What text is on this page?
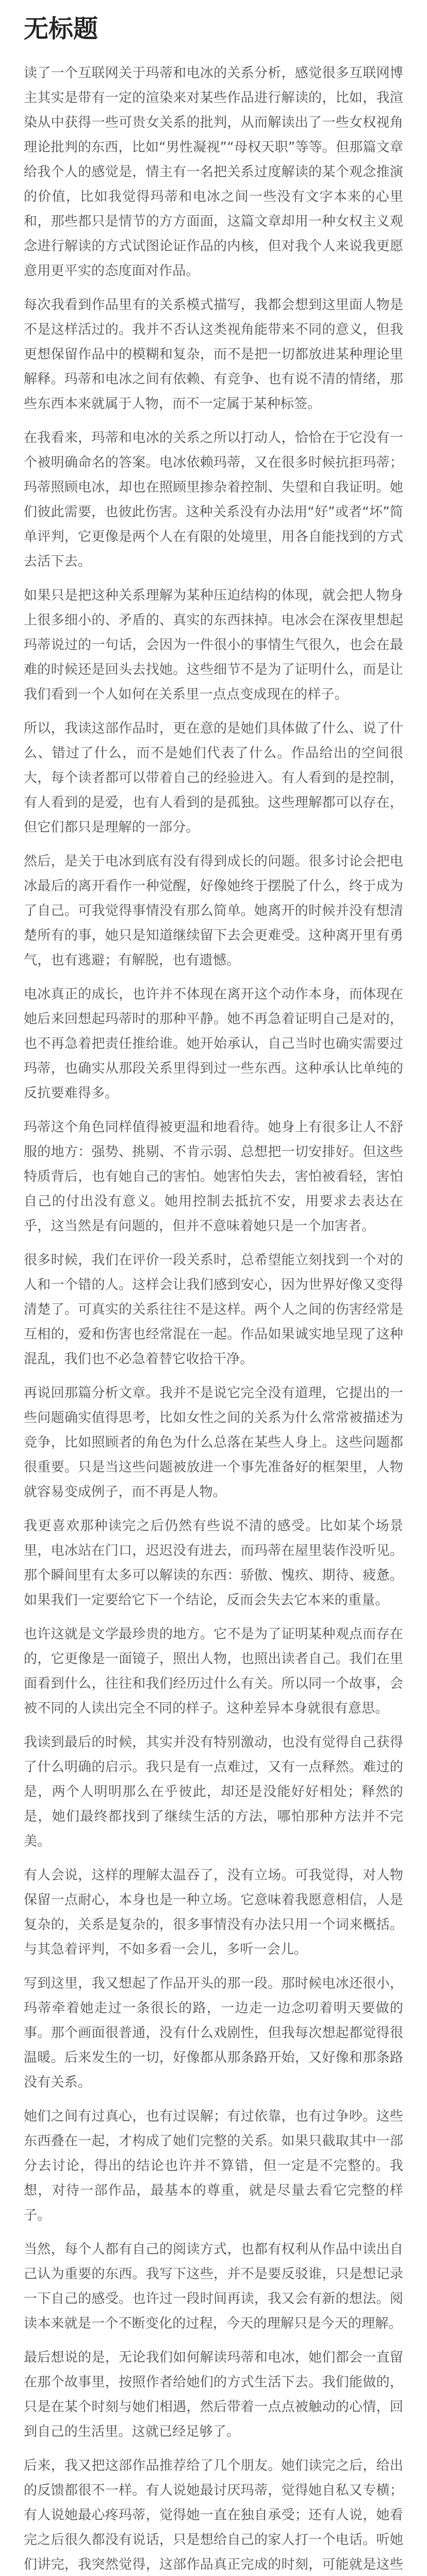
无标题

读了一个互联网关于玛蒂和电冰的关系分析，感觉很多互联网博主其实是带有一定的渲染来对某些作品进行解读的，比如，我渲染从中获得一些可贵女关系的批判，从而解读出了一些女权视角理论批判的东西，比如“男性凝视”“母权天职”等等。但那篇文章给我个人的感觉是，情主有一名把关系过度解读的某个观念推演的价值，比如我觉得玛蒂和电冰之间一些没有文字本来的心里和，那些都只是情节的方方面面，这篇文章却用一种女权主义观念进行解读的方式试图论证作品的内核，但对我个人来说我更愿意用更平实的态度面对作品。

每次我看到作品里有的关系模式描写，我都会想到这里面人物是不是这样活过的。我并不否认这类视角能带来不同的意义，但我更想保留作品中的模糊和复杂，而不是把一切都放进某种理论里解释。玛蒂和电冰之间有依赖、有竞争、也有说不清的情绪，那些东西本来就属于人物，而不一定属于某种标签。

在我看来，玛蒂和电冰的关系之所以打动人，恰恰在于它没有一个被明确命名的答案。电冰依赖玛蒂，又在很多时候抗拒玛蒂；玛蒂照顾电冰，却也在照顾里掺杂着控制、失望和自我证明。她们彼此需要，也彼此伤害。这种关系没有办法用“好”或者“坏”简单评判，它更像是两个人在有限的处境里，用各自能找到的方式去活下去。

如果只是把这种关系理解为某种压迫结构的体现，就会把人物身上很多细小的、矛盾的、真实的东西抹掉。电冰会在深夜里想起玛蒂说过的一句话，会因为一件很小的事情生气很久，也会在最难的时候还是回头去找她。这些细节不是为了证明什么，而是让我们看到一个人如何在关系里一点点变成现在的样子。

所以，我读这部作品时，更在意的是她们具体做了什么、说了什么、错过了什么，而不是她们代表了什么。作品给出的空间很大，每个读者都可以带着自己的经验进入。有人看到的是控制，有人看到的是爱，也有人看到的是孤独。这些理解都可以存在，但它们都只是理解的一部分。

然后，是关于电冰到底有没有得到成长的问题。很多讨论会把电冰最后的离开看作一种觉醒，好像她终于摆脱了什么，终于成为了自己。可我觉得事情没有那么简单。她离开的时候并没有想清楚所有的事，她只是知道继续留下去会更难受。这种离开里有勇气，也有逃避；有解脱，也有遗憾。

电冰真正的成长，也许并不体现在离开这个动作本身，而体现在她后来回想起玛蒂时的那种平静。她不再急着证明自己是对的，也不再急着把责任推给谁。她开始承认，自己当时也确实需要过玛蒂，也确实从那段关系里得到过一些东西。这种承认比单纯的反抗要难得多。

玛蒂这个角色同样值得被更温和地看待。她身上有很多让人不舒服的地方：强势、挑剔、不肯示弱、总想把一切安排好。但这些特质背后，也有她自己的害怕。她害怕失去，害怕被看轻，害怕自己的付出没有意义。她用控制去抵抗不安，用要求去表达在乎，这当然是有问题的，但并不意味着她只是一个加害者。

很多时候，我们在评价一段关系时，总希望能立刻找到一个对的人和一个错的人。这样会让我们感到安心，因为世界好像又变得清楚了。可真实的关系往往不是这样。两个人之间的伤害经常是互相的，爱和伤害也经常混在一起。作品如果诚实地呈现了这种混乱，我们也不必急着替它收拾干净。

再说回那篇分析文章。我并不是说它完全没有道理，它提出的一些问题确实值得思考，比如女性之间的关系为什么常常被描述为竞争，比如照顾者的角色为什么总落在某些人身上。这些问题都很重要。只是当这些问题被放进一个事先准备好的框架里，人物就容易变成例子，而不再是人物。

我更喜欢那种读完之后仍然有些说不清的感受。比如某个场景里，电冰站在门口，迟迟没有进去，而玛蒂在屋里装作没听见。那个瞬间里有太多可以解读的东西：骄傲、愧疚、期待、疲惫。如果我们一定要给它下一个结论，反而会失去它本来的重量。

也许这就是文学最珍贵的地方。它不是为了证明某种观点而存在的，它更像是一面镜子，照出人物，也照出读者自己。我们在里面看到什么，往往和我们经历过什么有关。所以同一个故事，会被不同的人读出完全不同的样子。这种差异本身就很有意思。

我读到最后的时候，其实并没有特别激动，也没有觉得自己获得了什么明确的启示。我只是有一点难过，又有一点释然。难过的是，两个人明明那么在乎彼此，却还是没能好好相处；释然的是，她们最终都找到了继续生活的方法，哪怕那种方法并不完美。

有人会说，这样的理解太温吞了，没有立场。可我觉得，对人物保留一点耐心，本身也是一种立场。它意味着我愿意相信，人是复杂的，关系是复杂的，很多事情没有办法只用一个词来概括。与其急着评判，不如多看一会儿，多听一会儿。

写到这里，我又想起了作品开头的那一段。那时候电冰还很小，玛蒂牵着她走过一条很长的路，一边走一边念叨着明天要做的事。那个画面很普通，没有什么戏剧性，但我每次想起都觉得很温暖。后来发生的一切，好像都从那条路开始，又好像和那条路没有关系。

她们之间有过真心，也有过误解；有过依靠，也有过争吵。这些东西叠在一起，才构成了她们完整的关系。如果只截取其中一部分去讨论，得出的结论也许并不算错，但一定是不完整的。我想，对待一部作品，最基本的尊重，就是尽量去看它完整的样子。

当然，每个人都有自己的阅读方式，也都有权利从作品中读出自己认为重要的东西。我写下这些，并不是要反驳谁，只是想记录一下自己的感受。也许过一段时间再读，我又会有新的想法。阅读本来就是一个不断变化的过程，今天的理解只是今天的理解。

最后想说的是，无论我们如何解读玛蒂和电冰，她们都会一直留在那个故事里，按照作者给她们的方式生活下去。我们能做的，只是在某个时刻与她们相遇，然后带着一点点被触动的心情，回到自己的生活里。这就已经足够了。

后来，我又把这部作品推荐给了几个朋友。她们读完之后，给出的反馈都很不一样。有人说她最讨厌玛蒂，觉得她自私又专横；有人说她最心疼玛蒂，觉得她一直在独自承受；还有人说，她看完之后很久都没有说话，只是想给自己的家人打一个电话。听她们讲完，我突然觉得，这部作品真正完成的时刻，可能就是这些
